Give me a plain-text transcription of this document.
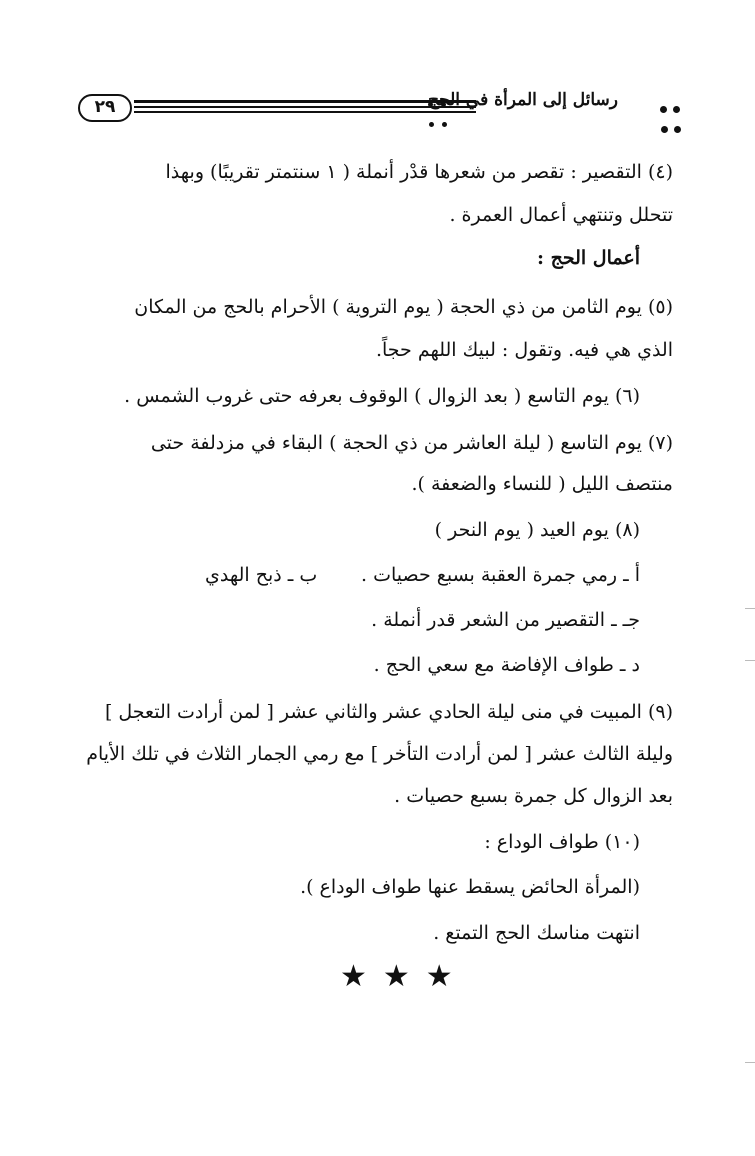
٢٩	رسائل إلى المرأة في الحج
(٤) التقصير : تقصر من شعرها قدْر أنملة ( ١ سنتمتر تقريبًا) وبهذا
تتحلل وتنتهي أعمال العمرة .
أعمال الحج :
(٥) يوم الثامن من ذي الحجة ( يوم التروية ) الأحرام بالحج من المكان
الذي هي فيه. وتقول : لبيك اللهم حجاً.
(٦) يوم التاسع ( بعد الزوال ) الوقوف بعرفه حتى غروب الشمس .
(٧) يوم التاسع ( ليلة العاشر من ذي الحجة ) البقاء في مزدلفة حتى
منتصف الليل ( للنساء والضعفة ).
(٨) يوم العيد ( يوم النحر )
أ ـ رمي جمرة العقبة بسبع حصيات .
ب ـ ذبح الهدي
جـ ـ التقصير من الشعر قدر أنملة .
د ـ طواف الإفاضة مع سعي الحج .
(٩) المبيت في منى ليلة الحادي عشر والثاني عشر [ لمن أرادت التعجل ]
وليلة الثالث عشر [ لمن أرادت التأخر ] مع رمي الجمار الثلاث في تلك الأيام
بعد الزوال كل جمرة بسبع حصيات .
(١٠) طواف الوداع :
(المرأة الحائض يسقط عنها طواف الوداع ).
انتهت مناسك الحج التمتع .
★★★
